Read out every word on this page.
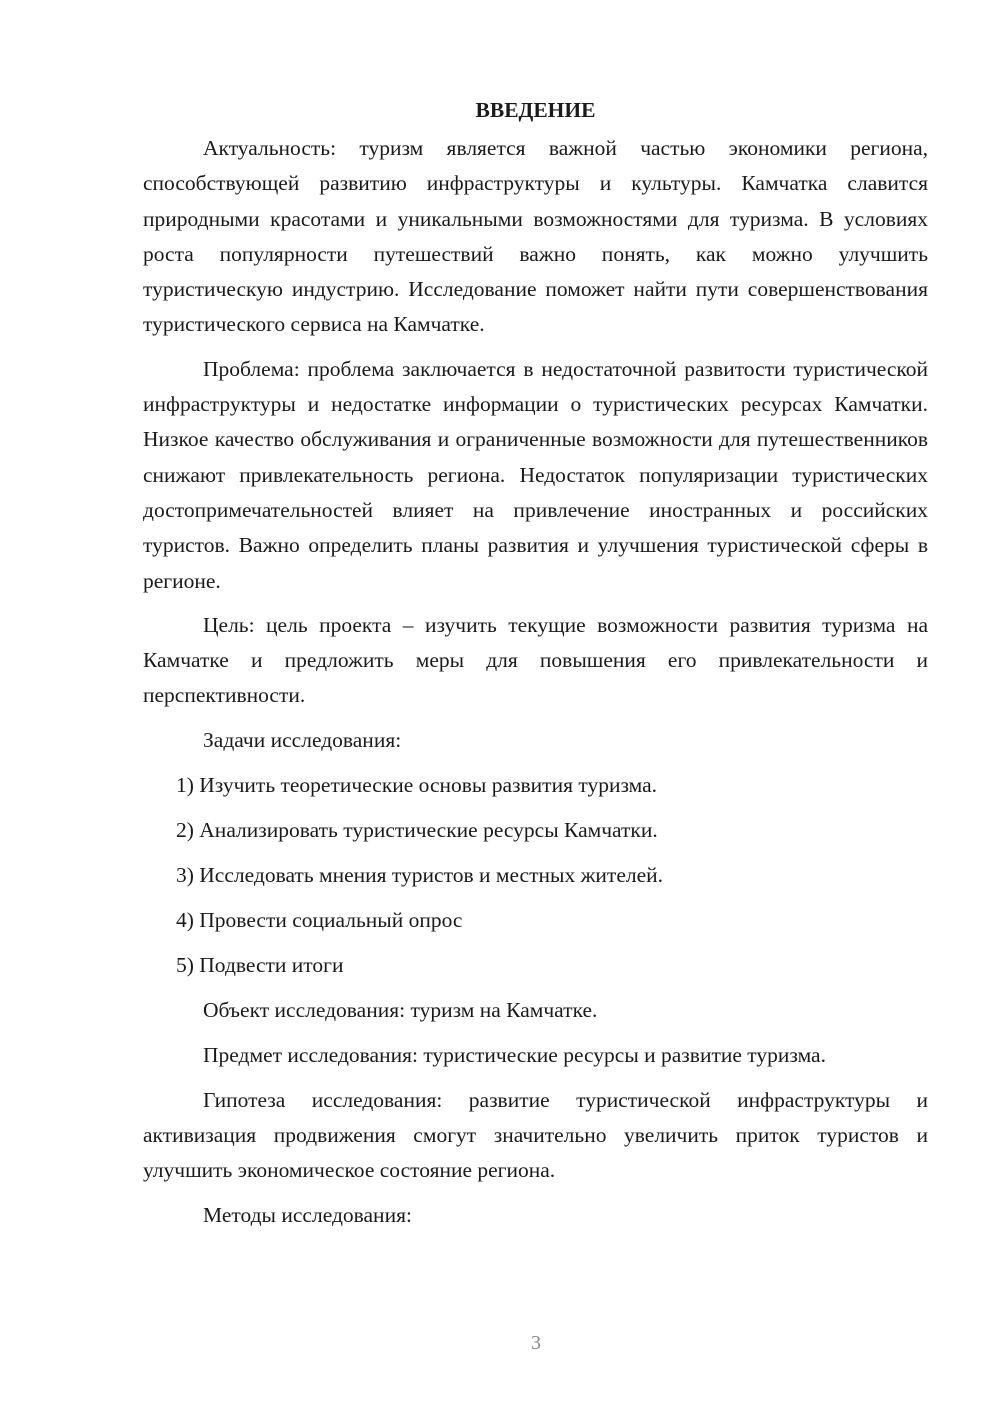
ВВЕДЕНИЕ

Актуальность: туризм является важной частью экономики региона, способствующей развитию инфраструктуры и культуры. Камчатка славится природными красотами и уникальными возможностями для туризма. В условиях роста популярности путешествий важно понять, как можно улучшить туристическую индустрию. Исследование поможет найти пути совершенствования туристического сервиса на Камчатке.

Проблема: проблема заключается в недостаточной развитости туристической инфраструктуры и недостатке информации о туристических ресурсах Камчатки. Низкое качество обслуживания и ограниченные возможности для путешественников снижают привлекательность региона. Недостаток популяризации туристических достопримечательностей влияет на привлечение иностранных и российских туристов. Важно определить планы развития и улучшения туристической сферы в регионе.

Цель: цель проекта – изучить текущие возможности развития туризма на Камчатке и предложить меры для повышения его привлекательности и перспективности.

Задачи исследования:

1) Изучить теоретические основы развития туризма.

2) Анализировать туристические ресурсы Камчатки.

3) Исследовать мнения туристов и местных жителей.

4) Провести социальный опрос

5) Подвести итоги

Объект исследования: туризм на Камчатке.

Предмет исследования: туристические ресурсы и развитие туризма.

Гипотеза исследования: развитие туристической инфраструктуры и активизация продвижения смогут значительно увеличить приток туристов и улучшить экономическое состояние региона.

Методы исследования:

3
